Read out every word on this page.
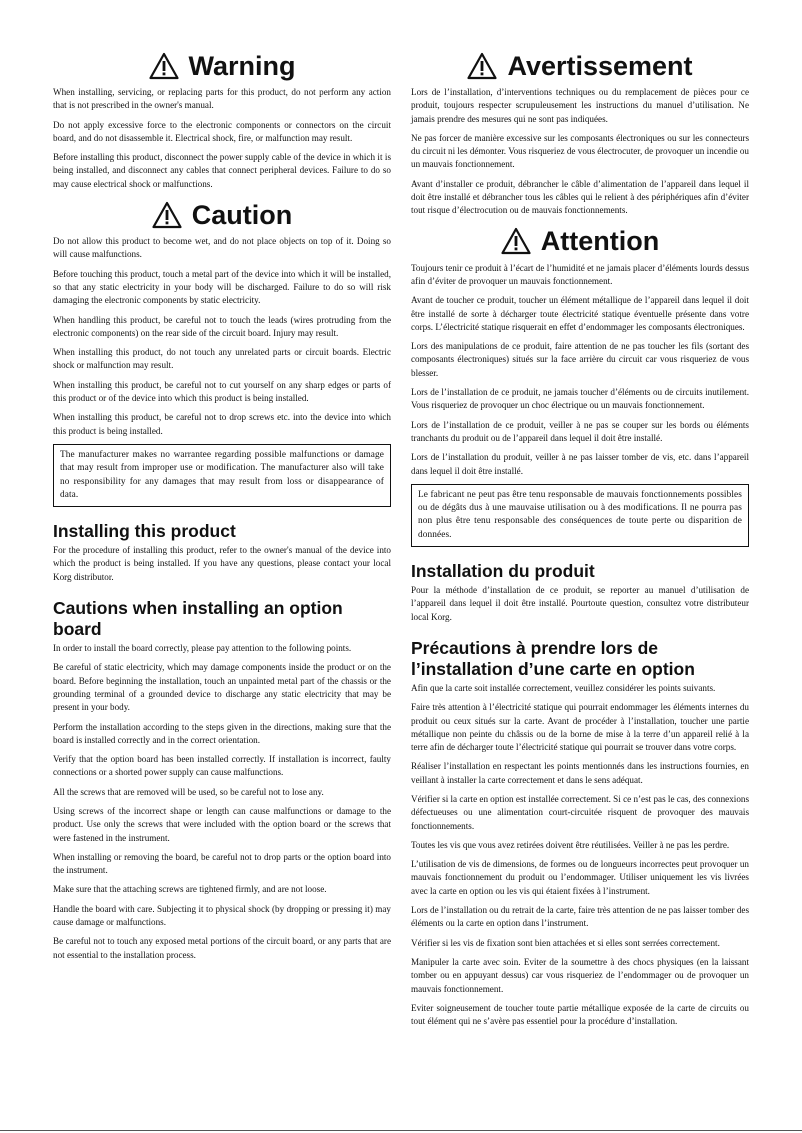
Warning

When installing, servicing, or replacing parts for this product, do not perform any action that is not prescribed in the owner's manual.

Do not apply excessive force to the electronic components or connectors on the circuit board, and do not disassemble it. Electrical shock, fire, or malfunction may result.

Before installing this product, disconnect the power supply cable of the device in which it is being installed, and disconnect any cables that connect peripheral devices. Failure to do so may cause electrical shock or malfunctions.

Caution

Do not allow this product to become wet, and do not place objects on top of it. Doing so will cause malfunctions.

Before touching this product, touch a metal part of the device into which it will be installed, so that any static electricity in your body will be discharged. Failure to do so will risk damaging the electronic components by static electricity.

When handling this product, be careful not to touch the leads (wires protruding from the electronic components) on the rear side of the circuit board. Injury may result.

When installing this product, do not touch any unrelated parts or circuit boards. Electric shock or malfunction may result.

When installing this product, be careful not to cut yourself on any sharp edges or parts of this product or of the device into which this product is being installed.

When installing this product, be careful not to drop screws etc. into the device into which this product is being installed.

The manufacturer makes no warrantee regarding possible malfunctions or damage that may result from improper use or modification. The manufacturer also will take no responsibility for any damages that may result from loss or disappearance of data.

Installing this product

For the procedure of installing this product, refer to the owner's manual of the device into which the product is being installed. If you have any questions, please contact your local Korg distributor.

Cautions when installing an option board

In order to install the board correctly, please pay attention to the following points.

Be careful of static electricity, which may damage components inside the product or on the board. Before beginning the installation, touch an unpainted metal part of the chassis or the grounding terminal of a grounded device to discharge any static electricity that may be present in your body.

Perform the installation according to the steps given in the directions, making sure that the board is installed correctly and in the correct orientation.

Verify that the option board has been installed correctly. If installation is incorrect, faulty connections or a shorted power supply can cause malfunctions.

All the screws that are removed will be used, so be careful not to lose any.

Using screws of the incorrect shape or length can cause malfunctions or damage to the product. Use only the screws that were included with the option board or the screws that were fastened in the instrument.

When installing or removing the board, be careful not to drop parts or the option board into the instrument.

Make sure that the attaching screws are tightened firmly, and are not loose.

Handle the board with care. Subjecting it to physical shock (by dropping or pressing it) may cause damage or malfunctions.

Be careful not to touch any exposed metal portions of the circuit board, or any parts that are not essential to the installation process.

Avertissement

Lors de l’installation, d’interventions techniques ou du remplacement de pièces pour ce produit, toujours respecter scrupuleusement les instructions du manuel d’utilisation. Ne jamais prendre des mesures qui ne sont pas indiquées.

Ne pas forcer de manière excessive sur les composants électroniques ou sur les connecteurs du circuit ni les démonter. Vous risqueriez de vous électrocuter, de provoquer un incendie ou un mauvais fonctionnement.

Avant d’installer ce produit, débrancher le câble d’alimentation de l’appareil dans lequel il doit être installé et débrancher tous les câbles qui le relient à des périphériques afin d’éviter tout risque d’électrocution ou de mauvais fonctionnements.

Attention

Toujours tenir ce produit à l’écart de l’humidité et ne jamais placer d’éléments lourds dessus afin d’éviter de provoquer un mauvais fonctionnement.

Avant de toucher ce produit, toucher un élément métallique de l’appareil dans lequel il doit être installé de sorte à décharger toute électricité statique éventuelle présente dans votre corps. L’électricité statique risquerait en effet d’endommager les composants électroniques.

Lors des manipulations de ce produit, faire attention de ne pas toucher les fils (sortant des composants électroniques) situés sur la face arrière du circuit car vous risqueriez de vous blesser.

Lors de l’installation de ce produit, ne jamais toucher d’éléments ou de circuits inutilement. Vous risqueriez de provoquer un choc électrique ou un mauvais fonctionnement.

Lors de l’installation de ce produit, veiller à ne pas se couper sur les bords ou éléments tranchants du produit ou de l’appareil dans lequel il doit être installé.

Lors de l’installation du produit, veiller à ne pas laisser tomber de vis, etc. dans l’appareil dans lequel il doit être installé.

Le fabricant ne peut pas être tenu responsable de mauvais fonctionnements possibles ou de dégâts dus à une mauvaise utilisation ou à des modifications. Il ne pourra pas non plus être tenu responsable des conséquences de toute perte ou disparition de données.

Installation du produit

Pour la méthode d’installation de ce produit, se reporter au manuel d’utilisation de l’appareil dans lequel il doit être installé. Pourtoute question, consultez votre distributeur local Korg.

Précautions à prendre lors de l’installation d’une carte en option

Afin que la carte soit installée correctement, veuillez considérer les points suivants.

Faire très attention à l’électricité statique qui pourrait endommager les éléments internes du produit ou ceux situés sur la carte. Avant de procéder à l’installation, toucher une partie métallique non peinte du châssis ou de la borne de mise à la terre d’un appareil relié à la terre afin de décharger toute l’électricité statique qui pourrait se trouver dans votre corps.

Réaliser l’installation en respectant les points mentionnés dans les instructions fournies, en veillant à installer la carte correctement et dans le sens adéquat.

Vérifier si la carte en option est installée correctement. Si ce n’est pas le cas, des connexions défectueuses ou une alimentation court-circuitée risquent de provoquer des mauvais fonctionnements.

Toutes les vis que vous avez retirées doivent être réutilisées. Veiller à ne pas les perdre.

L’utilisation de vis de dimensions, de formes ou de longueurs incorrectes peut provoquer un mauvais fonctionnement du produit ou l’endommager. Utiliser uniquement les vis livrées avec la carte en option ou les vis qui étaient fixées à l’instrument.

Lors de l’installation ou du retrait de la carte, faire très attention de ne pas laisser tomber des éléments ou la carte en option dans l’instrument.

Vérifier si les vis de fixation sont bien attachées et si elles sont serrées correctement.

Manipuler la carte avec soin. Eviter de la soumettre à des chocs physiques (en la laissant tomber ou en appuyant dessus) car vous risqueriez de l’endommager ou de provoquer un mauvais fonctionnement.

Eviter soigneusement de toucher toute partie métallique exposée de la carte de circuits ou tout élément qui ne s’avère pas essentiel pour la procédure d’installation.
